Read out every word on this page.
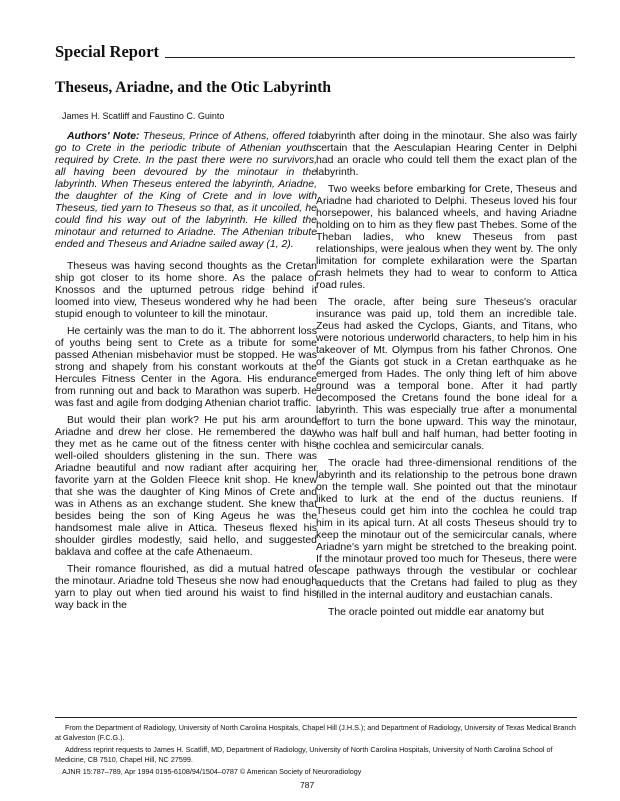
Special Report
Theseus, Ariadne, and the Otic Labyrinth
James H. Scatliff and Faustino C. Guinto

Authors' Note: Theseus, Prince of Athens, offered to go to Crete in the periodic tribute of Athenian youths required by Crete. In the past there were no survivors, all having been devoured by the minotaur in the labyrinth. When Theseus entered the labyrinth, Ariadne, the daughter of the King of Crete and in love with Theseus, tied yarn to Theseus so that, as it uncoiled, he could find his way out of the labyrinth. He killed the minotaur and returned to Ariadne. The Athenian tribute ended and Theseus and Ariadne sailed away (1, 2).

Theseus was having second thoughts as the Cretan ship got closer to its home shore. As the palace of Knossos and the upturned petrous ridge behind it loomed into view, Theseus wondered why he had been stupid enough to volunteer to kill the minotaur.

He certainly was the man to do it. The abhorrent loss of youths being sent to Crete as a tribute for some passed Athenian misbehavior must be stopped. He was strong and shapely from his constant workouts at the Hercules Fitness Center in the Agora. His endurance from running out and back to Marathon was superb. He was fast and agile from dodging Athenian chariot traffic.

But would their plan work? He put his arm around Ariadne and drew her close. He remembered the day they met as he came out of the fitness center with his well-oiled shoulders glistening in the sun. There was Ariadne beautiful and now radiant after acquiring her favorite yarn at the Golden Fleece knit shop. He knew that she was the daughter of King Minos of Crete and was in Athens as an exchange student. She knew that besides being the son of King Ageus he was the handsomest male alive in Attica. Theseus flexed his shoulder girdles modestly, said hello, and suggested baklava and coffee at the cafe Athenaeum.

Their romance flourished, as did a mutual hatred of the minotaur. Ariadne told Theseus she now had enough yarn to play out when tied around his waist to find his way back in the

labyrinth after doing in the minotaur. She also was fairly certain that the Aesculapian Hearing Center in Delphi had an oracle who could tell them the exact plan of the labyrinth.

Two weeks before embarking for Crete, Theseus and Ariadne had charioted to Delphi. Theseus loved his four horsepower, his balanced wheels, and having Ariadne holding on to him as they flew past Thebes. Some of the Theban ladies, who knew Theseus from past relationships, were jealous when they went by. The only limitation for complete exhilaration were the Spartan crash helmets they had to wear to conform to Attica road rules.

The oracle, after being sure Theseus's oracular insurance was paid up, told them an incredible tale. Zeus had asked the Cyclops, Giants, and Titans, who were notorious underworld characters, to help him in his takeover of Mt. Olympus from his father Chronos. One of the Giants got stuck in a Cretan earthquake as he emerged from Hades. The only thing left of him above ground was a temporal bone. After it had partly decomposed the Cretans found the bone ideal for a labyrinth. This was especially true after a monumental effort to turn the bone upward. This way the minotaur, who was half bull and half human, had better footing in the cochlea and semicircular canals.

The oracle had three-dimensional renditions of the labyrinth and its relationship to the petrous bone drawn on the temple wall. She pointed out that the minotaur liked to lurk at the end of the ductus reuniens. If Theseus could get him into the cochlea he could trap him in its apical turn. At all costs Theseus should try to keep the minotaur out of the semicircular canals, where Ariadne's yarn might be stretched to the breaking point. If the minotaur proved too much for Theseus, there were escape pathways through the vestibular or cochlear aqueducts that the Cretans had failed to plug as they filled in the internal auditory and eustachian canals.

The oracle pointed out middle ear anatomy but

From the Department of Radiology, University of North Carolina Hospitals, Chapel Hill (J.H.S.); and Department of Radiology, University of Texas Medical Branch at Galveston (F.C.G.).

Address reprint requests to James H. Scatliff, MD, Department of Radiology, University of North Carolina Hospitals, University of North Carolina School of Medicine, CB 7510, Chapel Hill, NC 27599.

AJNR 15:787–789, Apr 1994 0195-6108/94/1504–0787 © American Society of Neuroradiology
787
